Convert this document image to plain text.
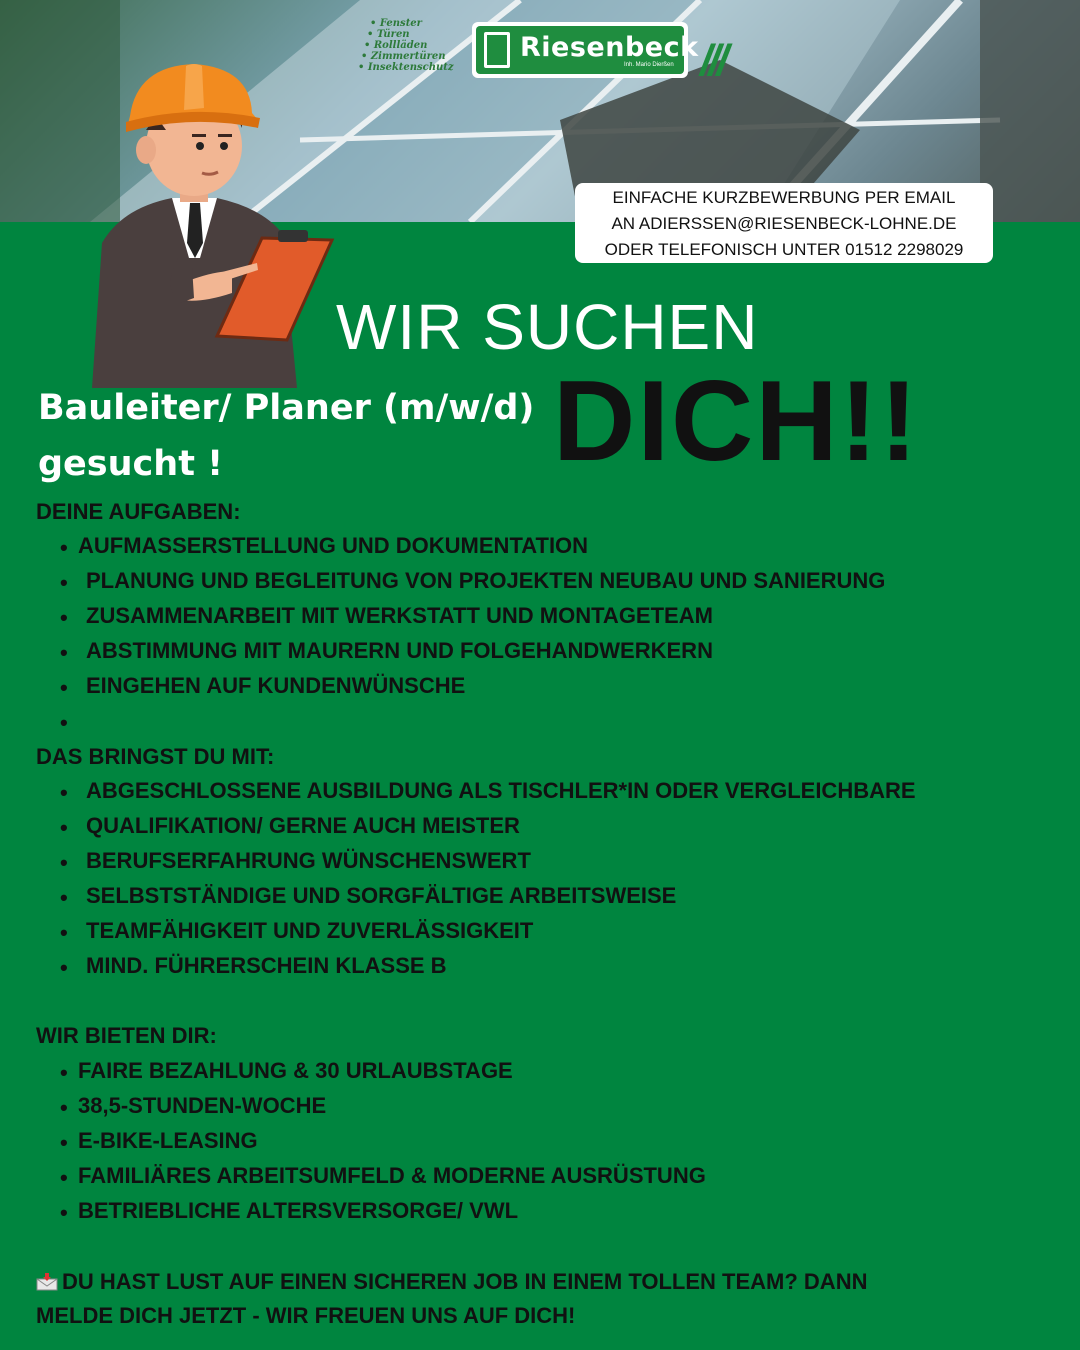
• Fenster
• Türen
• Rollläden
• Zimmertüren
• Insektenschutz
Riesenbeck
Inh. Mario Dierßen ///
EINFACHE KURZBEWERBUNG PER EMAIL
AN ADIERSSEN@RIESENBECK-LOHNE.DE
ODER TELEFONISCH UNTER 01512 2298029
WIR SUCHEN
DICH!!
Bauleiter/ Planer (m/w/d)
gesucht !
DEINE AUFGABEN:
• AUFMASSERSTELLUNG UND DOKUMENTATION
• PLANUNG UND BEGLEITUNG VON PROJEKTEN NEUBAU UND SANIERUNG
• ZUSAMMENARBEIT MIT WERKSTATT UND MONTAGETEAM
• ABSTIMMUNG MIT MAURERN UND FOLGEHANDWERKERN
• EINGEHEN AUF KUNDENWÜNSCHE
•
DAS BRINGST DU MIT:
• ABGESCHLOSSENE AUSBILDUNG ALS TISCHLER*IN ODER VERGLEICHBARE
• QUALIFIKATION/ GERNE AUCH MEISTER
• BERUFSERFAHRUNG WÜNSCHENSWERT
• SELBSTSTÄNDIGE UND SORGFÄLTIGE ARBEITSWEISE
• TEAMFÄHIGKEIT UND ZUVERLÄSSIGKEIT
• MIND. FÜHRERSCHEIN KLASSE B
WIR BIETEN DIR:
• FAIRE BEZAHLUNG & 30 URLAUBSTAGE
• 38,5-STUNDEN-WOCHE
• E-BIKE-LEASING
• FAMILIÄRES ARBEITSUMFELD & MODERNE AUSRÜSTUNG
• BETRIEBLICHE ALTERSVERSORGE/ VWL
DU HAST LUST AUF EINEN SICHEREN JOB IN EINEM TOLLEN TEAM? DANN
MELDE DICH JETZT - WIR FREUEN UNS AUF DICH!
